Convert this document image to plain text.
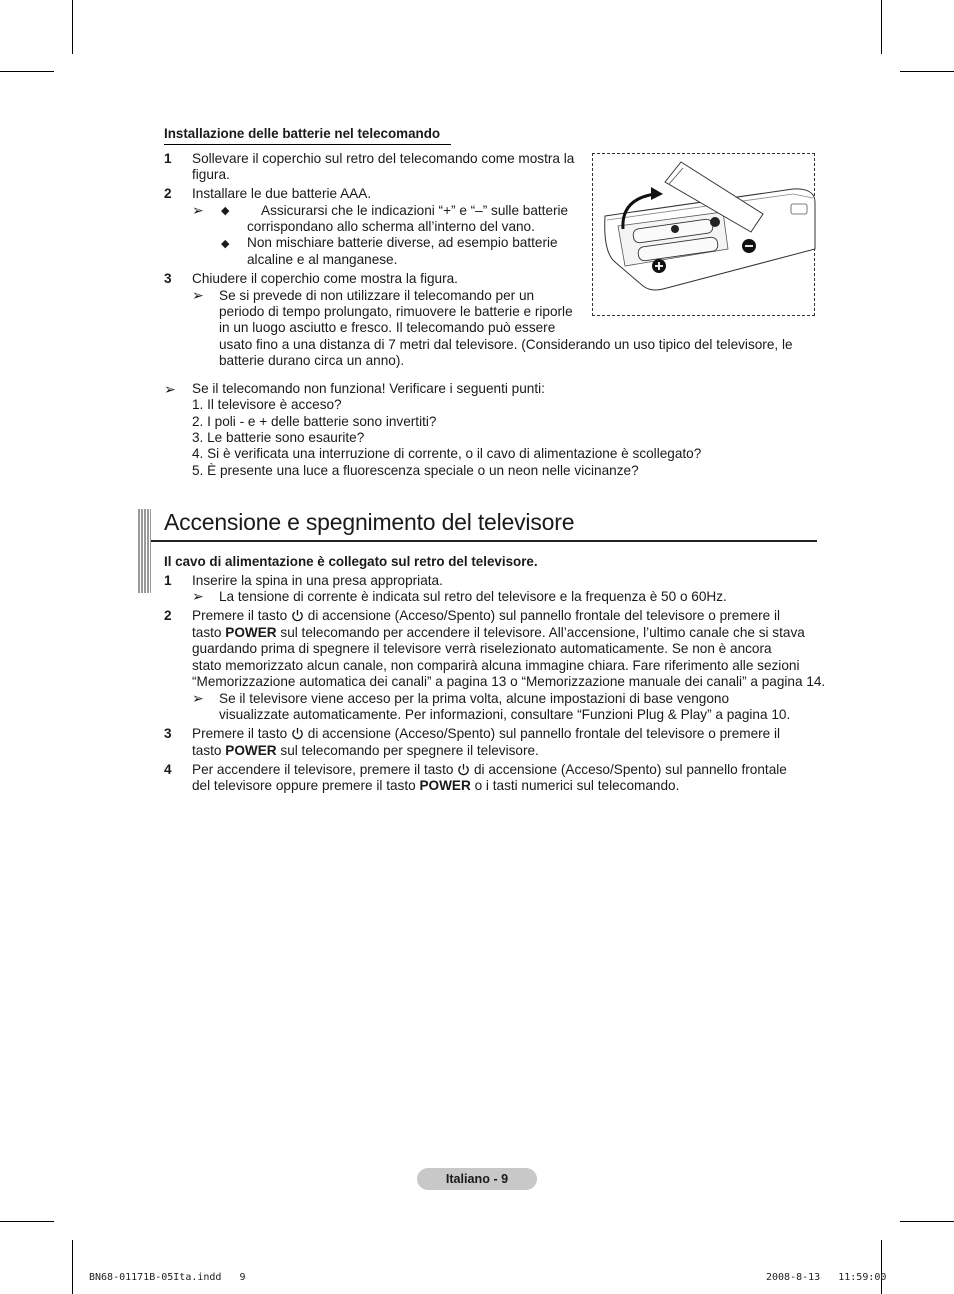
Installazione delle batterie nel telecomando
1 Sollevare il coperchio sul retro del telecomando come mostra la
figura.
2 Installare le due batterie AAA.
➢ ◆ Assicurarsi che le indicazioni “+” e “–” sulle batterie
corrispondano allo scherma all’interno del vano.
◆ Non mischiare batterie diverse, ad esempio batterie
alcaline e al manganese.
3 Chiudere il coperchio come mostra la figura.
➢ Se si prevede di non utilizzare il telecomando per un
periodo di tempo prolungato, rimuovere le batterie e riporle
in un luogo asciutto e fresco. Il telecomando può essere
usato fino a una distanza di 7 metri dal televisore. (Considerando un uso tipico del televisore, le
batterie durano circa un anno).
➢ Se il telecomando non funziona! Verificare i seguenti punti:
1. Il televisore è acceso?
2. I poli - e + delle batterie sono invertiti?
3. Le batterie sono esaurite?
4. Si è verificata una interruzione di corrente, o il cavo di alimentazione è scollegato?
5. È presente una luce a fluorescenza speciale o un neon nelle vicinanze?
Accensione e spegnimento del televisore
Il cavo di alimentazione è collegato sul retro del televisore.
1 Inserire la spina in una presa appropriata.
➢ La tensione di corrente è indicata sul retro del televisore e la frequenza è 50 o 60Hz.
2 Premere il tasto di accensione (Acceso/Spento) sul pannello frontale del televisore o premere il
tasto POWER sul telecomando per accendere il televisore. All’accensione, l’ultimo canale che si stava
guardando prima di spegnere il televisore verrà riselezionato automaticamente. Se non è ancora
stato memorizzato alcun canale, non comparirà alcuna immagine chiara. Fare riferimento alle sezioni
“Memorizzazione automatica dei canali” a pagina 13 o “Memorizzazione manuale dei canali” a pagina 14.
➢ Se il televisore viene acceso per la prima volta, alcune impostazioni di base vengono
visualizzate automaticamente. Per informazioni, consultare “Funzioni Plug & Play” a pagina 10.
3 Premere il tasto di accensione (Acceso/Spento) sul pannello frontale del televisore o premere il
tasto POWER sul telecomando per spegnere il televisore.
4 Per accendere il televisore, premere il tasto di accensione (Acceso/Spento) sul pannello frontale
del televisore oppure premere il tasto POWER o i tasti numerici sul telecomando.
Italiano - 9
BN68-01171B-05Ita.indd   9	2008-8-13   11:59:00
